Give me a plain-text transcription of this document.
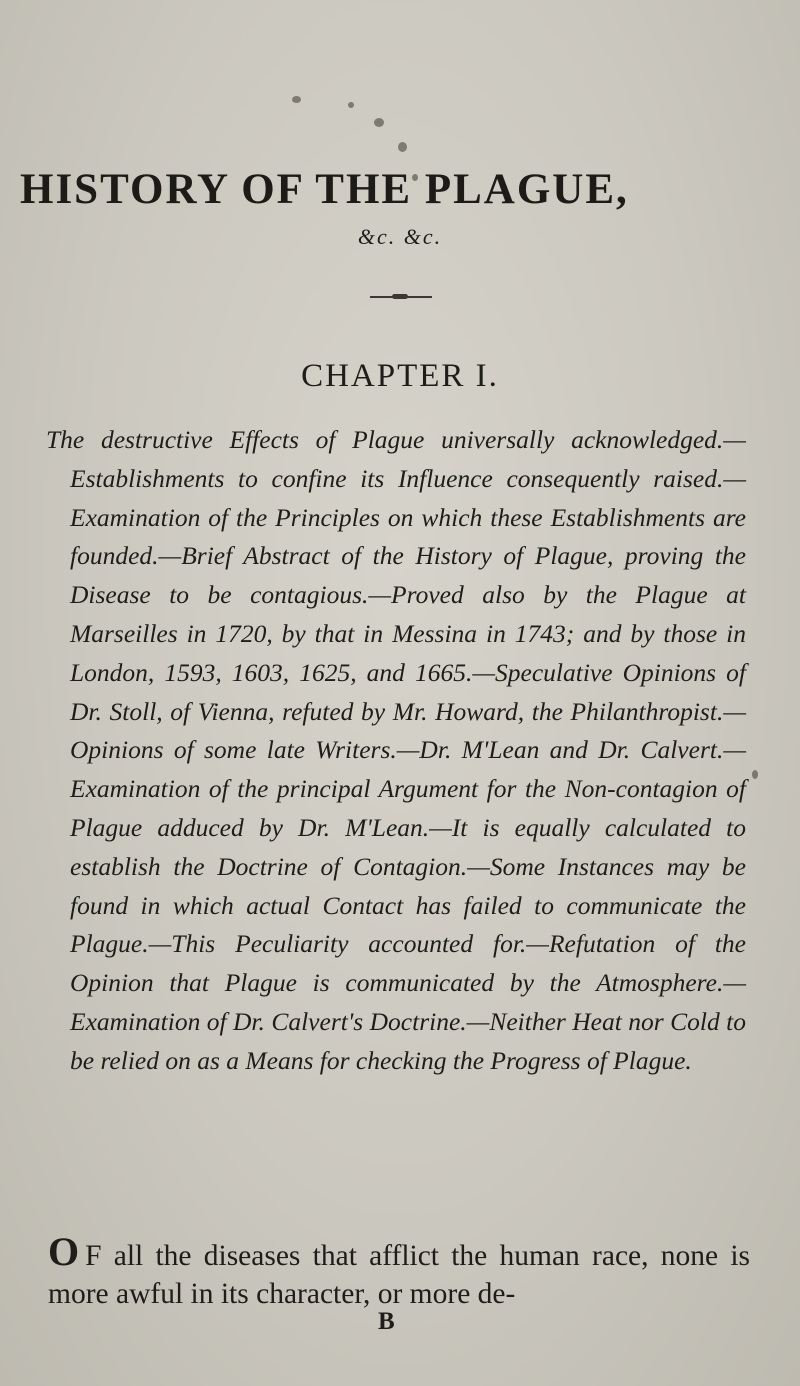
HISTORY OF THE PLAGUE,
&c. &c.
CHAPTER I.
The destructive Effects of Plague universally acknowledged.—Establishments to confine its Influence consequently raised.—Examination of the Principles on which these Establishments are founded.—Brief Abstract of the History of Plague, proving the Disease to be contagious.—Proved also by the Plague at Marseilles in 1720, by that in Messina in 1743; and by those in London, 1593, 1603, 1625, and 1665.—Speculative Opinions of Dr. Stoll, of Vienna, refuted by Mr. Howard, the Philanthropist.—Opinions of some late Writers.—Dr. M'Lean and Dr. Calvert.—Examination of the principal Argument for the Non-contagion of Plague adduced by Dr. M'Lean.—It is equally calculated to establish the Doctrine of Contagion.—Some Instances may be found in which actual Contact has failed to communicate the Plague.—This Peculiarity accounted for.—Refutation of the Opinion that Plague is communicated by the Atmosphere.—Examination of Dr. Calvert's Doctrine.—Neither Heat nor Cold to be relied on as a Means for checking the Progress of Plague.
O F all the diseases that afflict the human race, none is more awful in its character, or more de-
B
